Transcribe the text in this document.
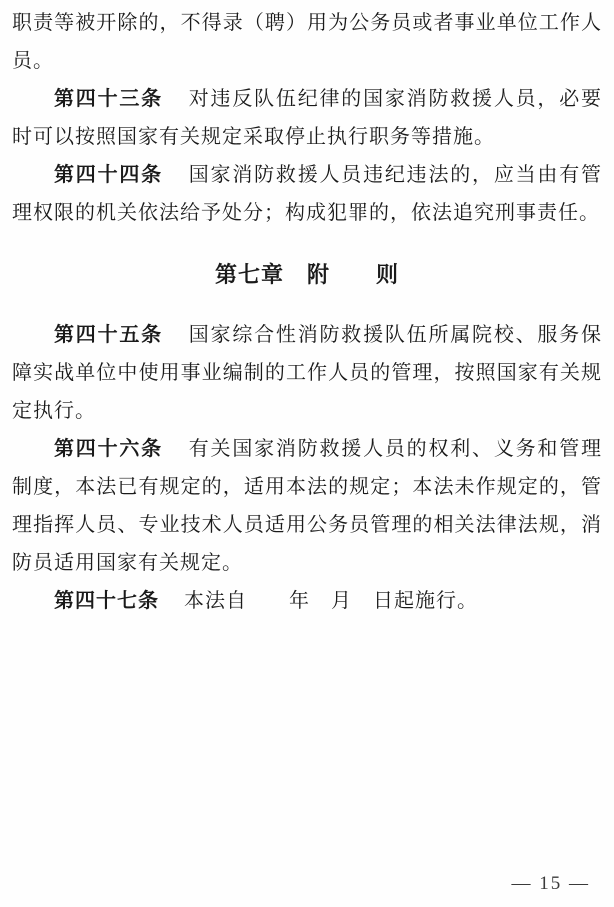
职责等被开除的，不得录（聘）用为公务员或者事业单位工作人员。

第四十三条 对违反队伍纪律的国家消防救援人员，必要时可以按照国家有关规定采取停止执行职务等措施。

第四十四条 国家消防救援人员违纪违法的，应当由有管理权限的机关依法给予处分；构成犯罪的，依法追究刑事责任。

第七章　附　　则

第四十五条 国家综合性消防救援队伍所属院校、服务保障实战单位中使用事业编制的工作人员的管理，按照国家有关规定执行。

第四十六条 有关国家消防救援人员的权利、义务和管理制度，本法已有规定的，适用本法的规定；本法未作规定的，管理指挥人员、专业技术人员适用公务员管理的相关法律法规，消防员适用国家有关规定。

第四十七条 本法自　　年　月　日起施行。

— 15 —
